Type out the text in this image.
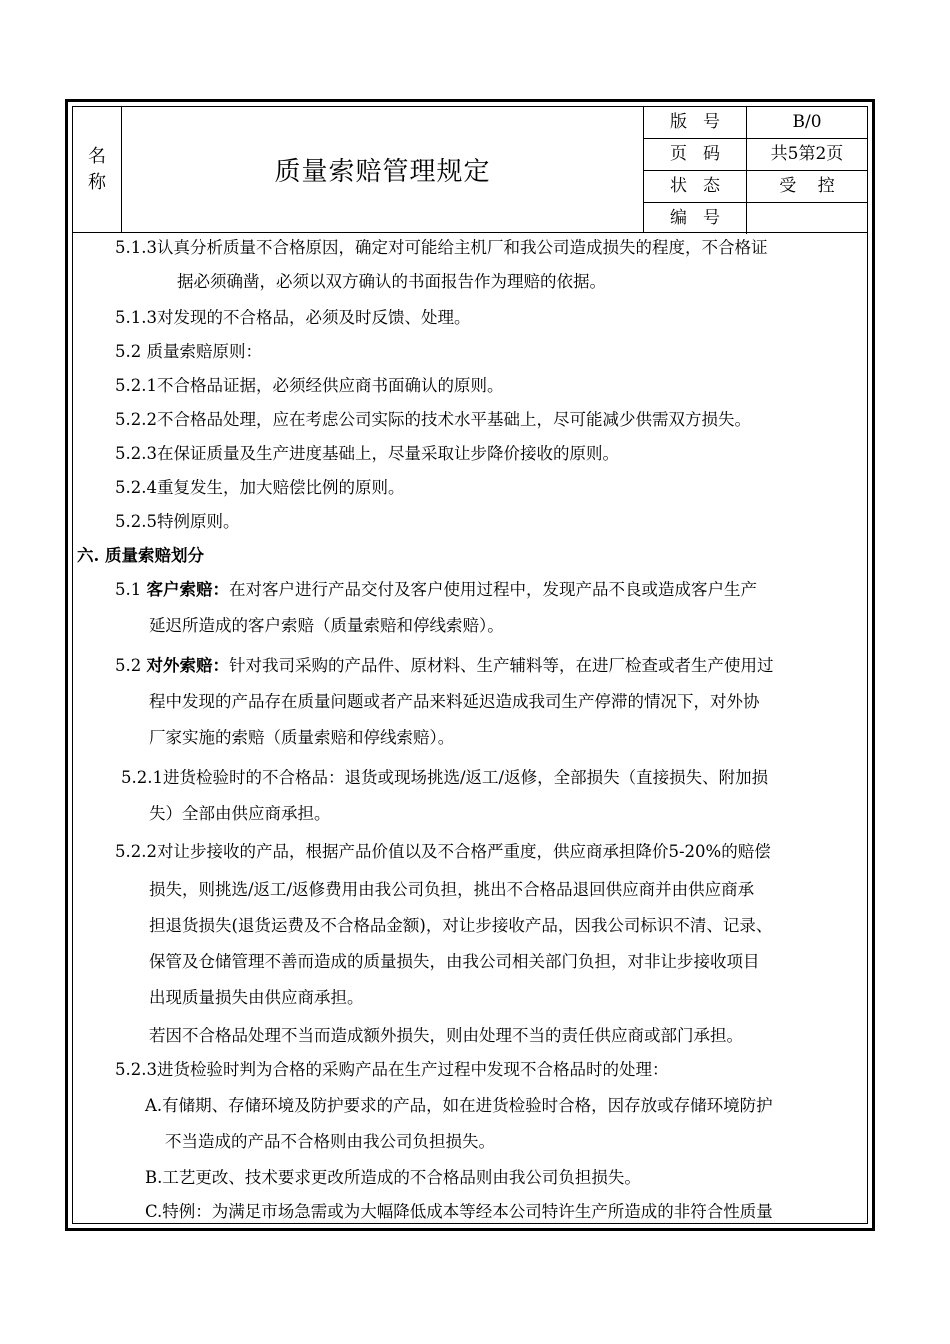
名称	质量索赔管理规定
版号	B/0
页码	共5第2页
状态	受 控
编号
5.1.3认真分析质量不合格原因，确定对可能给主机厂和我公司造成损失的程度，不合格证
据必须确凿，必须以双方确认的书面报告作为理赔的依据。
5.1.3对发现的不合格品，必须及时反馈、处理。
5.2 质量索赔原则：
5.2.1不合格品证据，必须经供应商书面确认的原则。
5.2.2不合格品处理，应在考虑公司实际的技术水平基础上，尽可能减少供需双方损失。
5.2.3在保证质量及生产进度基础上，尽量采取让步降价接收的原则。
5.2.4重复发生，加大赔偿比例的原则。
5.2.5特例原则。
六. 质量索赔划分
5.1 客户索赔：在对客户进行产品交付及客户使用过程中，发现产品不良或造成客户生产
延迟所造成的客户索赔（质量索赔和停线索赔）。
5.2 对外索赔：针对我司采购的产品件、原材料、生产辅料等，在进厂检查或者生产使用过
程中发现的产品存在质量问题或者产品来料延迟造成我司生产停滞的情况下，对外协
厂家实施的索赔（质量索赔和停线索赔）。
5.2.1进货检验时的不合格品：退货或现场挑选/返工/返修，全部损失（直接损失、附加损
失）全部由供应商承担。
5.2.2对让步接收的产品，根据产品价值以及不合格严重度，供应商承担降价5-20%的赔偿
损失，则挑选/返工/返修费用由我公司负担，挑出不合格品退回供应商并由供应商承
担退货损失(退货运费及不合格品金额)，对让步接收产品，因我公司标识不清、记录、
保管及仓储管理不善而造成的质量损失，由我公司相关部门负担，对非让步接收项目
出现质量损失由供应商承担。
若因不合格品处理不当而造成额外损失，则由处理不当的责任供应商或部门承担。
5.2.3进货检验时判为合格的采购产品在生产过程中发现不合格品时的处理：
A.有储期、存储环境及防护要求的产品，如在进货检验时合格，因存放或存储环境防护
不当造成的产品不合格则由我公司负担损失。
B.工艺更改、技术要求更改所造成的不合格品则由我公司负担损失。
C.特例：为满足市场急需或为大幅降低成本等经本公司特许生产所造成的非符合性质量
